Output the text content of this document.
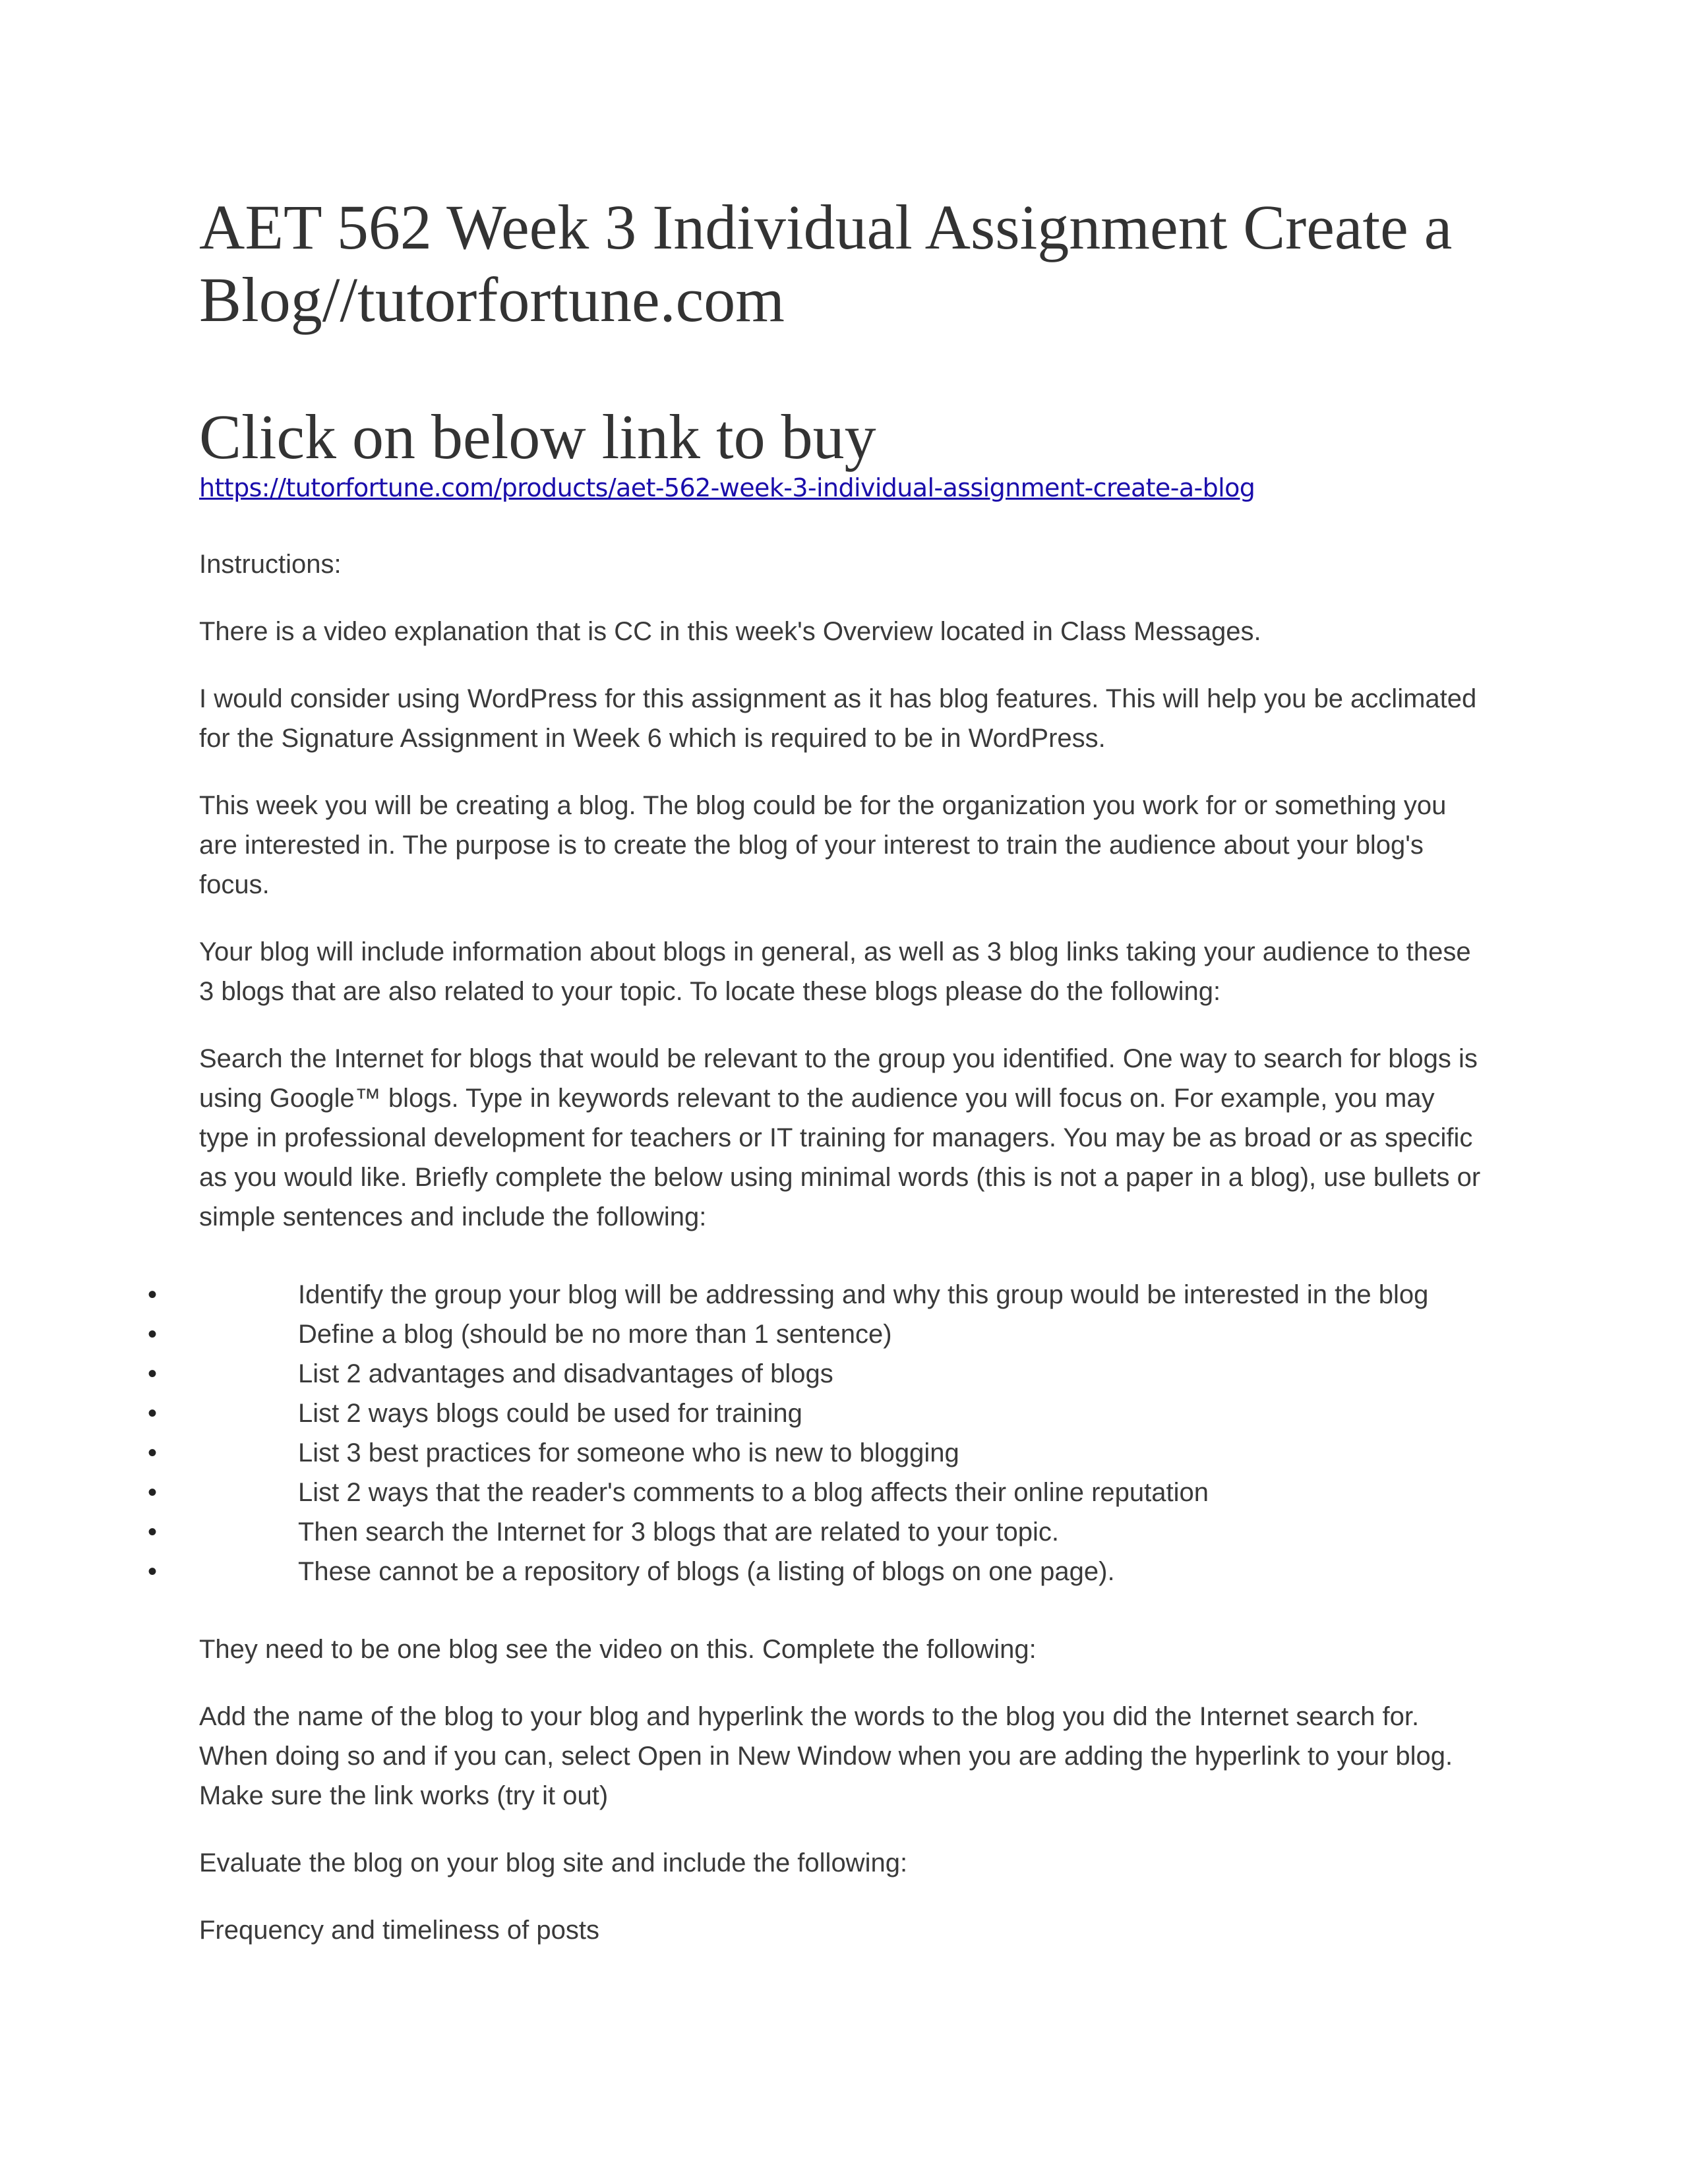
AET 562 Week 3 Individual Assignment Create a
Blog//tutorfortune.com
Click on below link to buy
https://tutorfortune.com/products/aet-562-week-3-individual-assignment-create-a-blog

Instructions:

There is a video explanation that is CC in this week's Overview located in Class Messages.

I would consider using WordPress for this assignment as it has blog features. This will help you be acclimated for the Signature Assignment in Week 6 which is required to be in WordPress.

This week you will be creating a blog. The blog could be for the organization you work for or something you are interested in. The purpose is to create the blog of your interest to train the audience about your blog's focus.

Your blog will include information about blogs in general, as well as 3 blog links taking your audience to these 3 blogs that are also related to your topic. To locate these blogs please do the following:

Search the Internet for blogs that would be relevant to the group you identified. One way to search for blogs is using Google™ blogs. Type in keywords relevant to the audience you will focus on. For example, you may type in professional development for teachers or IT training for managers. You may be as broad or as specific as you would like. Briefly complete the below using minimal words (this is not a paper in a blog), use bullets or simple sentences and include the following:

•	Identify the group your blog will be addressing and why this group would be interested in the blog
•	Define a blog (should be no more than 1 sentence)
•	List 2 advantages and disadvantages of blogs
•	List 2 ways blogs could be used for training
•	List 3 best practices for someone who is new to blogging
•	List 2 ways that the reader's comments to a blog affects their online reputation
•	Then search the Internet for 3 blogs that are related to your topic.
•	These cannot be a repository of blogs (a listing of blogs on one page).

They need to be one blog see the video on this. Complete the following:

Add the name of the blog to your blog and hyperlink the words to the blog you did the Internet search for. When doing so and if you can, select Open in New Window when you are adding the hyperlink to your blog. Make sure the link works (try it out)

Evaluate the blog on your blog site and include the following:

Frequency and timeliness of posts
